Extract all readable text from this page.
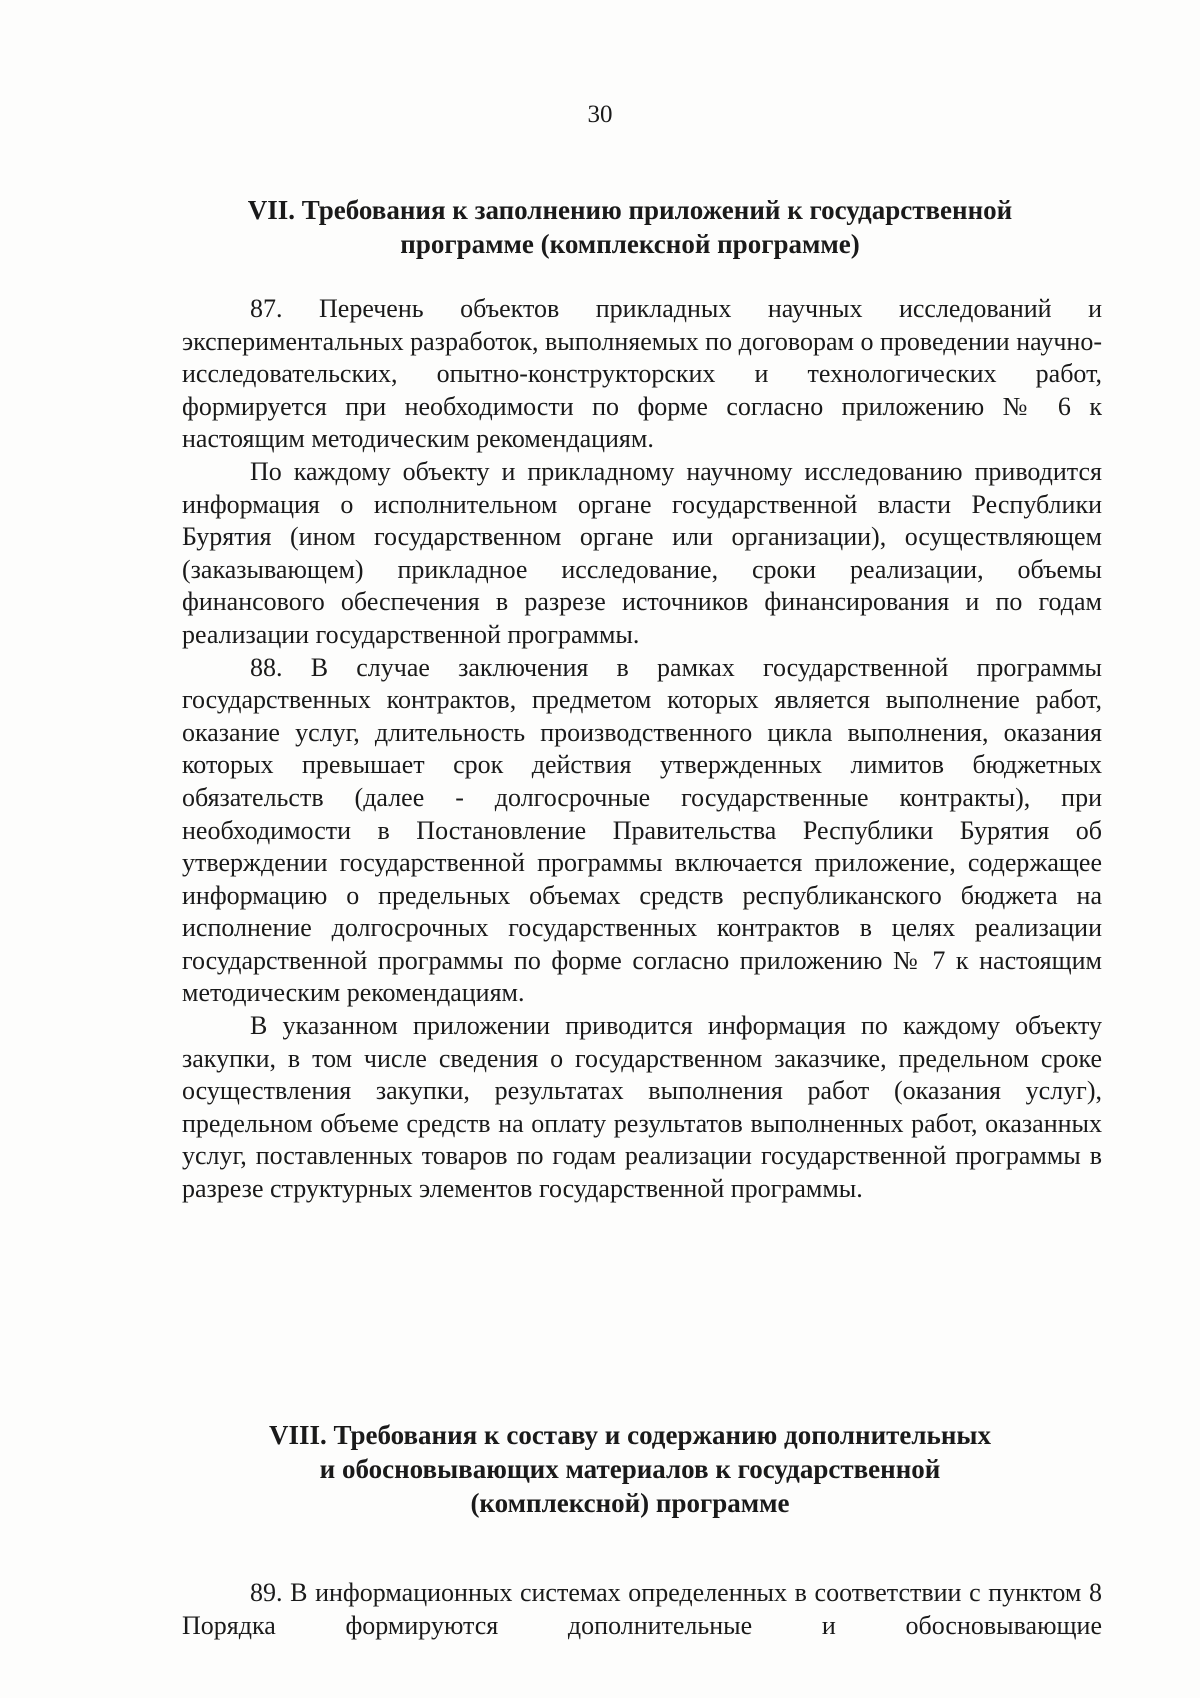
30
VII. Требования к заполнению приложений к государственной
программе (комплексной программе)

87. Перечень объектов прикладных научных исследований и экспериментальных разработок, выполняемых по договорам о проведении научно-исследовательских, опытно-конструкторских и технологических работ, формируется при необходимости по форме согласно приложению № 6 к настоящим методическим рекомендациям.

По каждому объекту и прикладному научному исследованию приводится информация о исполнительном органе государственной власти Республики Бурятия (ином государственном органе или организации), осуществляющем (заказывающем) прикладное исследование, сроки реализации, объемы финансового обеспечения в разрезе источников финансирования и по годам реализации государственной программы.

88. В случае заключения в рамках государственной программы государственных контрактов, предметом которых является выполнение работ, оказание услуг, длительность производственного цикла выполнения, оказания которых превышает срок действия утвержденных лимитов бюджетных обязательств (далее - долгосрочные государственные контракты), при необходимости в Постановление Правительства Республики Бурятия об утверждении государственной программы включается приложение, содержащее информацию о предельных объемах средств республиканского бюджета на исполнение долгосрочных государственных контрактов в целях реализации государственной программы по форме согласно приложению № 7 к настоящим методическим рекомендациям.

В указанном приложении приводится информация по каждому объекту закупки, в том числе сведения о государственном заказчике, предельном сроке осуществления закупки, результатах выполнения работ (оказания услуг), предельном объеме средств на оплату результатов выполненных работ, оказанных услуг, поставленных товаров по годам реализации государственной программы в разрезе структурных элементов государственной программы.

VIII. Требования к составу и содержанию дополнительных
и обосновывающих материалов к государственной
(комплексной) программе

89. В информационных системах определенных в соответствии с пунктом 8 Порядка формируются дополнительные и обосновывающие
